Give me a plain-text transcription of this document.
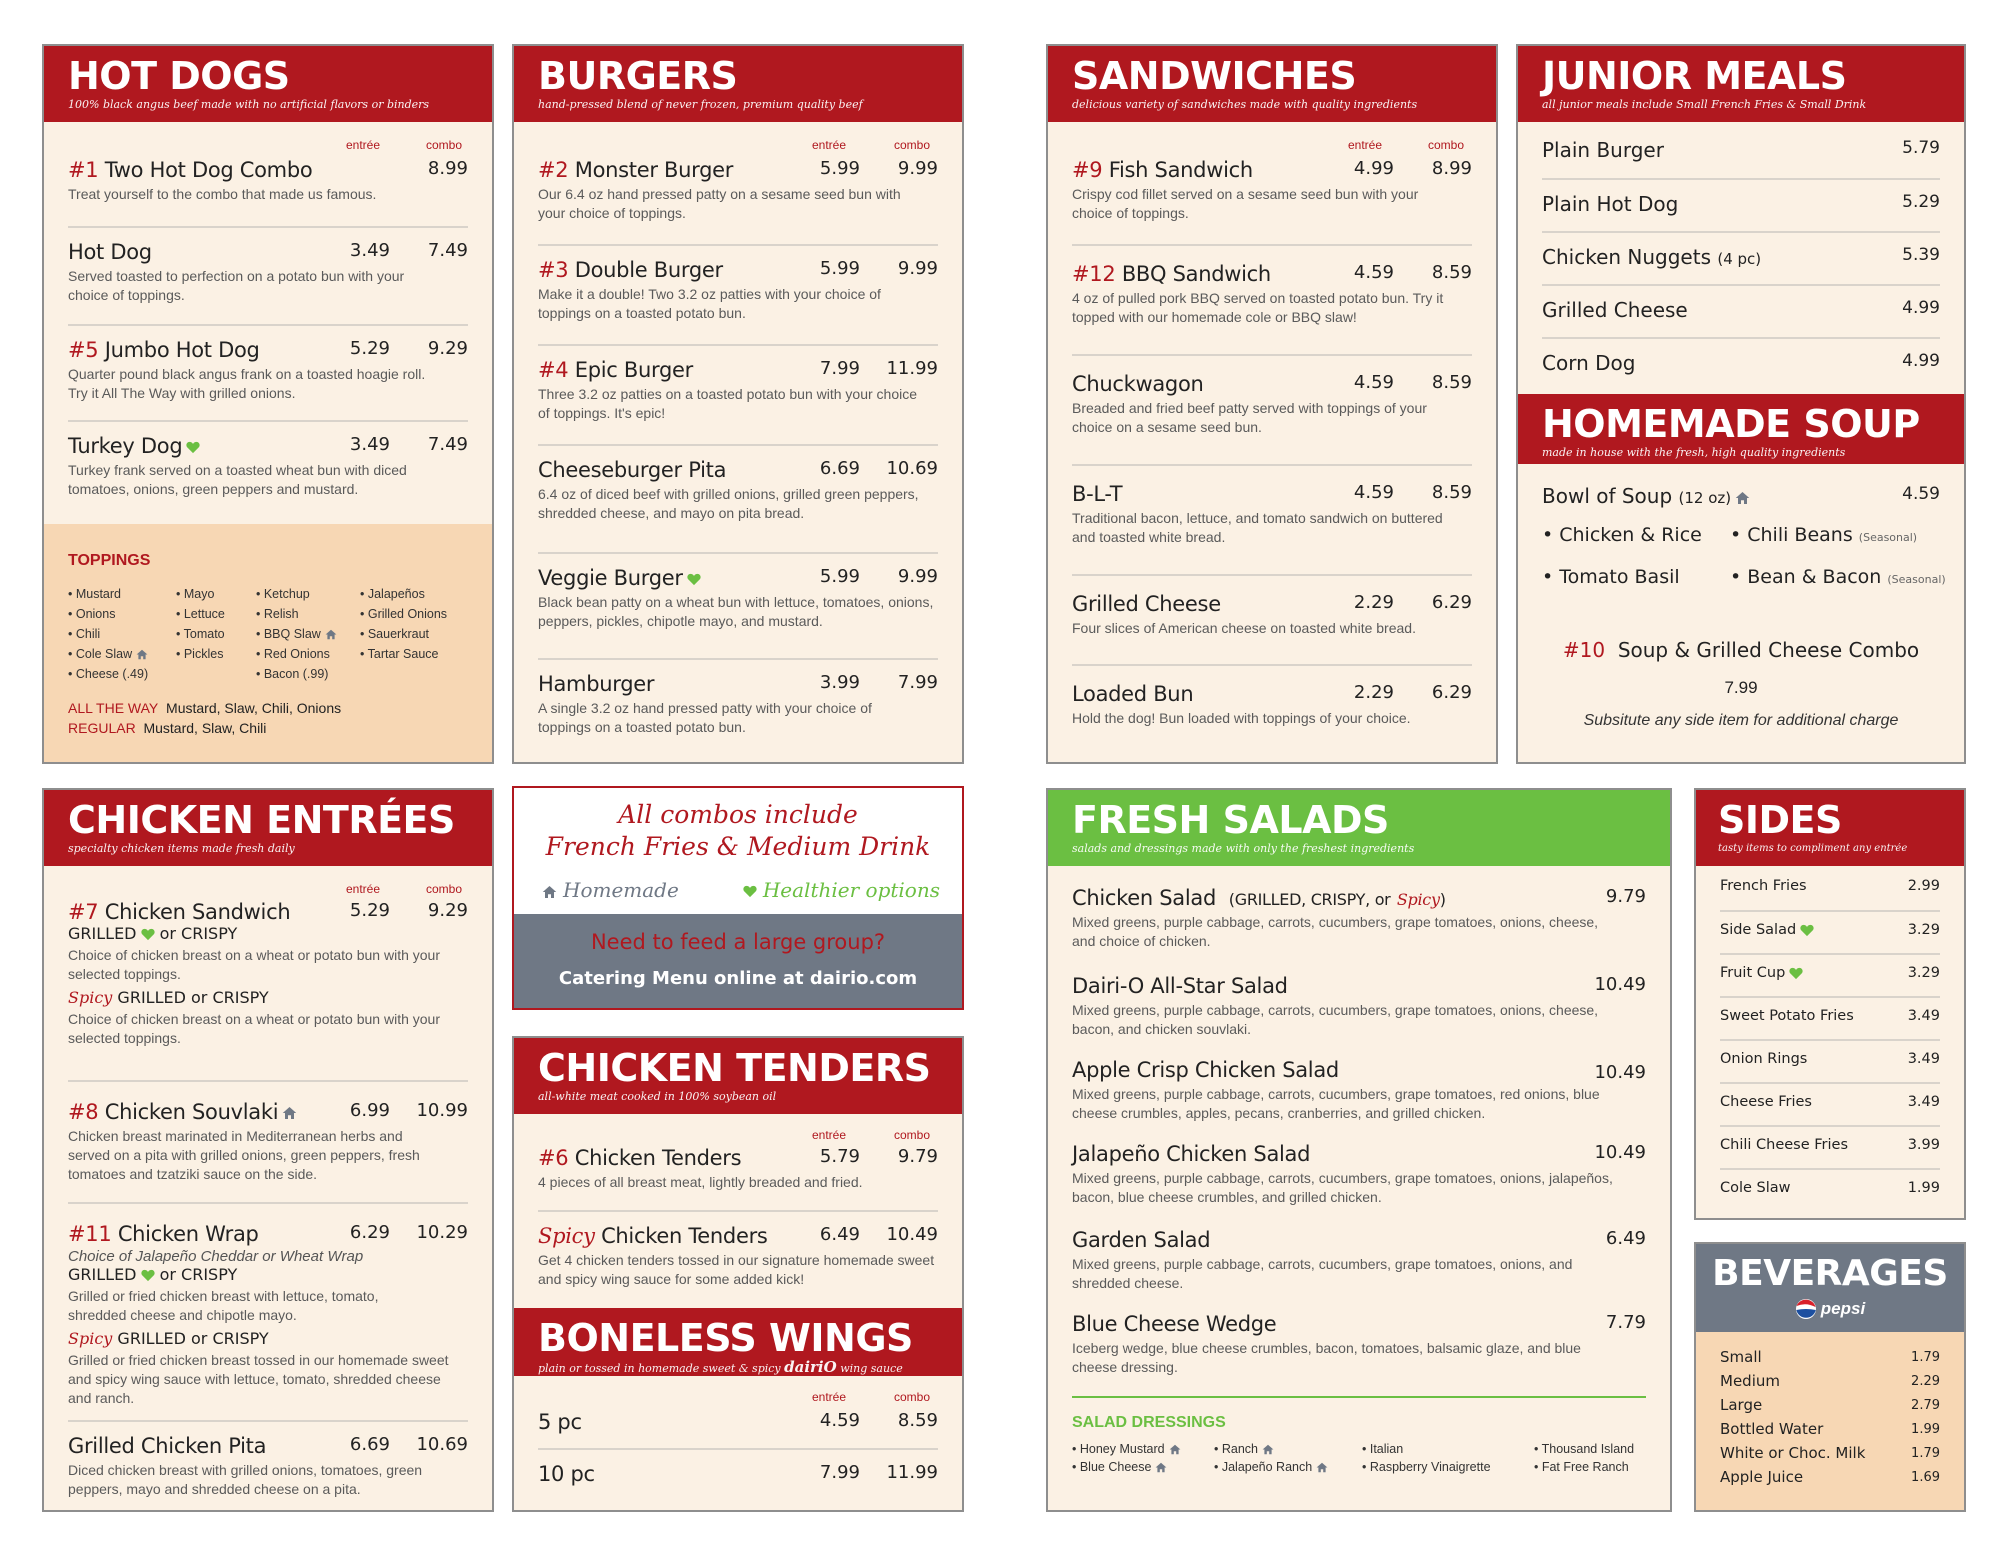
HOT DOGS
100% black angus beef made with no artificial flavors or binders
entrée	combo
#1 Two Hot Dog Combo	8.99
Treat yourself to the combo that made us famous.
Hot Dog	3.49	7.49
Served toasted to perfection on a potato bun with your choice of toppings.
#5 Jumbo Hot Dog	5.29	9.29
Quarter pound black angus frank on a toasted hoagie roll. Try it All The Way with grilled onions.
Turkey Dog	3.49	7.49
Turkey frank served on a toasted wheat bun with diced tomatoes, onions, green peppers and mustard.
TOPPINGS
• Mustard
• Onions
• Chili
• Cole Slaw
• Cheese (.49)
• Mayo
• Lettuce
• Tomato
• Pickles
• Ketchup
• Relish
• BBQ Slaw
• Red Onions
• Bacon (.99)
• Jalapeños
• Grilled Onions
• Sauerkraut
• Tartar Sauce
ALL THE WAY Mustard, Slaw, Chili, Onions
REGULAR Mustard, Slaw, Chili
BURGERS
hand-pressed blend of never frozen, premium quality beef
entrée	combo
#2 Monster Burger	5.99	9.99
Our 6.4 oz hand pressed patty on a sesame seed bun with your choice of toppings.
#3 Double Burger	5.99	9.99
Make it a double! Two 3.2 oz patties with your choice of toppings on a toasted potato bun.
#4 Epic Burger	7.99	11.99
Three 3.2 oz patties on a toasted potato bun with your choice of toppings. It's epic!
Cheeseburger Pita	6.69	10.69
6.4 oz of diced beef with grilled onions, grilled green peppers, shredded cheese, and mayo on pita bread.
Veggie Burger	5.99	9.99
Black bean patty on a wheat bun with lettuce, tomatoes, onions, peppers, pickles, chipotle mayo, and mustard.
Hamburger	3.99	7.99
A single 3.2 oz hand pressed patty with your choice of toppings on a toasted potato bun.
SANDWICHES
delicious variety of sandwiches made with quality ingredients
entrée	combo
#9 Fish Sandwich	4.99	8.99
Crispy cod fillet served on a sesame seed bun with your choice of toppings.
#12 BBQ Sandwich	4.59	8.59
4 oz of pulled pork BBQ served on toasted potato bun. Try it topped with our homemade cole or BBQ slaw!
Chuckwagon	4.59	8.59
Breaded and fried beef patty served with toppings of your choice on a sesame seed bun.
B-L-T	4.59	8.59
Traditional bacon, lettuce, and tomato sandwich on buttered and toasted white bread.
Grilled Cheese	2.29	6.29
Four slices of American cheese on toasted white bread.
Loaded Bun	2.29	6.29
Hold the dog! Bun loaded with toppings of your choice.
JUNIOR MEALS
all junior meals include Small French Fries & Small Drink
Plain Burger	5.79
Plain Hot Dog	5.29
Chicken Nuggets (4 pc)	5.39
Grilled Cheese	4.99
Corn Dog	4.99
HOMEMADE SOUP
made in house with the fresh, high quality ingredients
Bowl of Soup (12 oz)	4.59
• Chicken & Rice	• Chili Beans (Seasonal)
• Tomato Basil	• Bean & Bacon (Seasonal)
#10 Soup & Grilled Cheese Combo
7.99
Subsitute any side item for additional charge
CHICKEN ENTRÉES
specialty chicken items made fresh daily
entrée	combo
#7 Chicken Sandwich	5.29	9.29
GRILLED or CRISPY
Choice of chicken breast on a wheat or potato bun with your selected toppings.
Spicy GRILLED or CRISPY
Choice of chicken breast on a wheat or potato bun with your selected toppings.
#8 Chicken Souvlaki	6.99	10.99
Chicken breast marinated in Mediterranean herbs and served on a pita with grilled onions, green peppers, fresh tomatoes and tzatziki sauce on the side.
#11 Chicken Wrap	6.29	10.29
Choice of Jalapeño Cheddar or Wheat Wrap
GRILLED or CRISPY
Grilled or fried chicken breast with lettuce, tomato, shredded cheese and chipotle mayo.
Spicy GRILLED or CRISPY
Grilled or fried chicken breast tossed in our homemade sweet and spicy wing sauce with lettuce, tomato, shredded cheese and ranch.
Grilled Chicken Pita	6.69	10.69
Diced chicken breast with grilled onions, tomatoes, green peppers, mayo and shredded cheese on a pita.
All combos include
French Fries & Medium Drink
Homemade	Healthier options
Need to feed a large group?
Catering Menu online at dairio.com
CHICKEN TENDERS
all-white meat cooked in 100% soybean oil
entrée	combo
#6 Chicken Tenders	5.79	9.79
4 pieces of all breast meat, lightly breaded and fried.
Spicy Chicken Tenders	6.49	10.49
Get 4 chicken tenders tossed in our signature homemade sweet and spicy wing sauce for some added kick!
BONELESS WINGS
plain or tossed in homemade sweet & spicy dairiO wing sauce
entrée	combo
5 pc	4.59	8.59
10 pc	7.99	11.99
FRESH SALADS
salads and dressings made with only the freshest ingredients
Chicken Salad (GRILLED, CRISPY, or Spicy)	9.79
Mixed greens, purple cabbage, carrots, cucumbers, grape tomatoes, onions, cheese, and choice of chicken.
Dairi-O All-Star Salad	10.49
Mixed greens, purple cabbage, carrots, cucumbers, grape tomatoes, onions, cheese, bacon, and chicken souvlaki.
Apple Crisp Chicken Salad	10.49
Mixed greens, purple cabbage, carrots, cucumbers, grape tomatoes, red onions, blue cheese crumbles, apples, pecans, cranberries, and grilled chicken.
Jalapeño Chicken Salad	10.49
Mixed greens, purple cabbage, carrots, cucumbers, grape tomatoes, onions, jalapeños, bacon, blue cheese crumbles, and grilled chicken.
Garden Salad	6.49
Mixed greens, purple cabbage, carrots, cucumbers, grape tomatoes, onions, and shredded cheese.
Blue Cheese Wedge	7.79
Iceberg wedge, blue cheese crumbles, bacon, tomatoes, balsamic glaze, and blue cheese dressing.
SALAD DRESSINGS
• Honey Mustard
• Blue Cheese
• Ranch
• Jalapeño Ranch
• Italian
• Raspberry Vinaigrette
• Thousand Island
• Fat Free Ranch
SIDES
tasty items to compliment any entrée
French Fries	2.99
Side Salad	3.29
Fruit Cup	3.29
Sweet Potato Fries	3.49
Onion Rings	3.49
Cheese Fries	3.49
Chili Cheese Fries	3.99
Cole Slaw	1.99
BEVERAGES
pepsi
Small	1.79
Medium	2.29
Large	2.79
Bottled Water	1.99
White or Choc. Milk	1.79
Apple Juice	1.69
